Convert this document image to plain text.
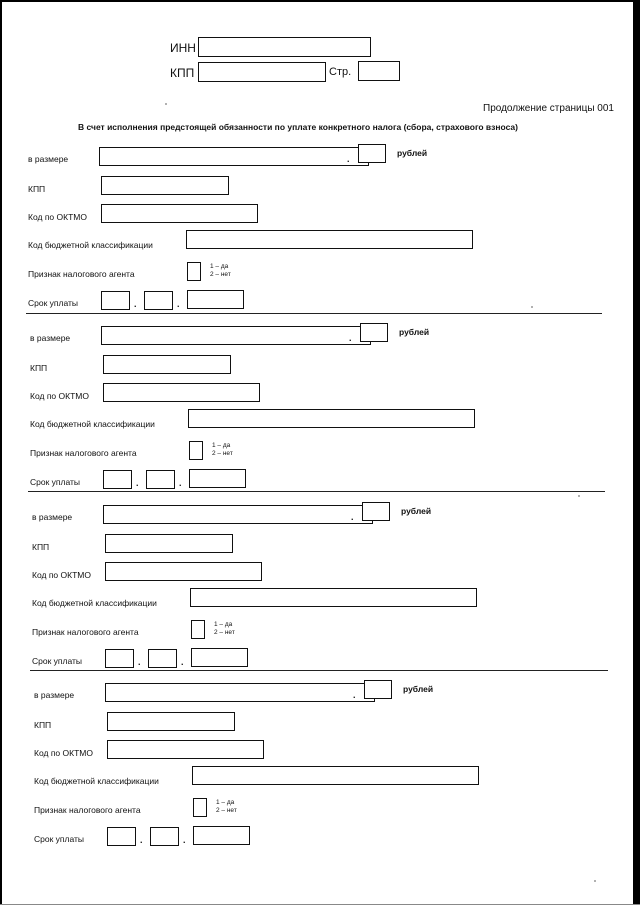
ИНН
КПП	Стр.
Продолжение страницы 001
В счет исполнения предстоящей обязанности по уплате конкретного налога (сбора, страхового взноса)
в размере	.
рублей
КПП
Код по ОКТМО
Код бюджетной классификации
Признак налогового агента
1 – да
2 – нет
Срок уплаты	.	.
в размере	.
рублей
КПП
Код по ОКТМО
Код бюджетной классификации
Признак налогового агента
1 – да
2 – нет
Срок уплаты	.	.
в размере	.
рублей
КПП
Код по ОКТМО
Код бюджетной классификации
Признак налогового агента
1 – да
2 – нет
Срок уплаты	.	.
в размере	.
рублей
КПП
Код по ОКТМО
Код бюджетной классификации
Признак налогового агента
1 – да
2 – нет
Срок уплаты	.	.
